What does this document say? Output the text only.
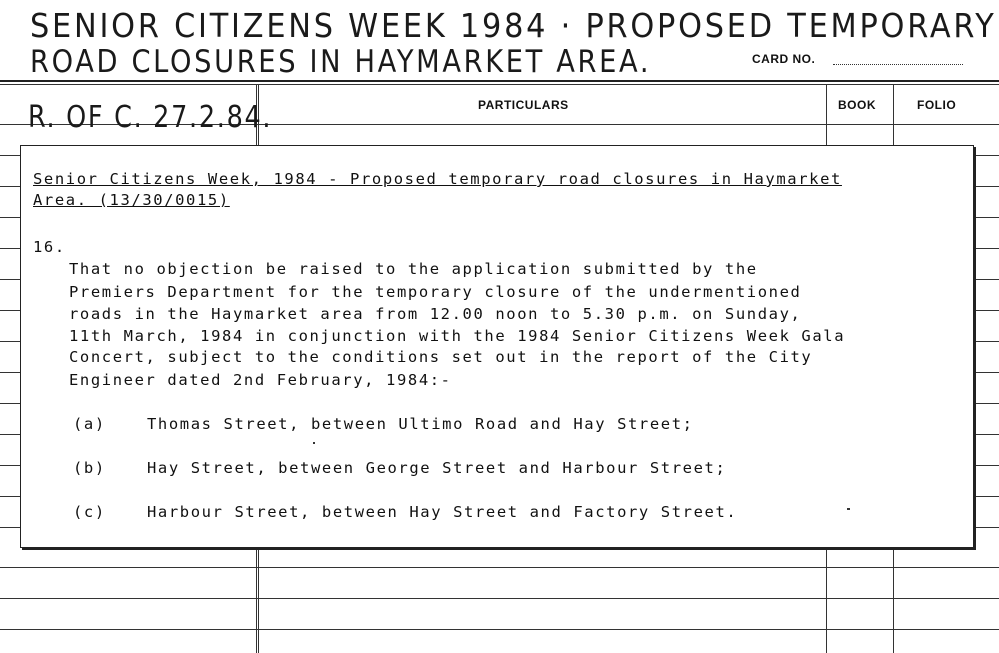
SENIOR CITIZENS WEEK 1984 · PROPOSED TEMPORARY
ROAD CLOSURES IN HAYMARKET AREA.	CARD NO.
R. OF C. 27.2.84.	PARTICULARS	BOOK	FOLIO
Senior Citizens Week, 1984 - Proposed temporary road closures in Haymarket
Area. (13/30/0015)
16.
That no objection be raised to the application submitted by the
Premiers Department for the temporary closure of the undermentioned
roads in the Haymarket area from 12.00 noon to 5.30 p.m. on Sunday,
11th March, 1984 in conjunction with the 1984 Senior Citizens Week Gala
Concert, subject to the conditions set out in the report of the City
Engineer dated 2nd February, 1984:-
(a)	Thomas Street, between Ultimo Road and Hay Street;
(b)	Hay Street, between George Street and Harbour Street;
(c)	Harbour Street, between Hay Street and Factory Street.
